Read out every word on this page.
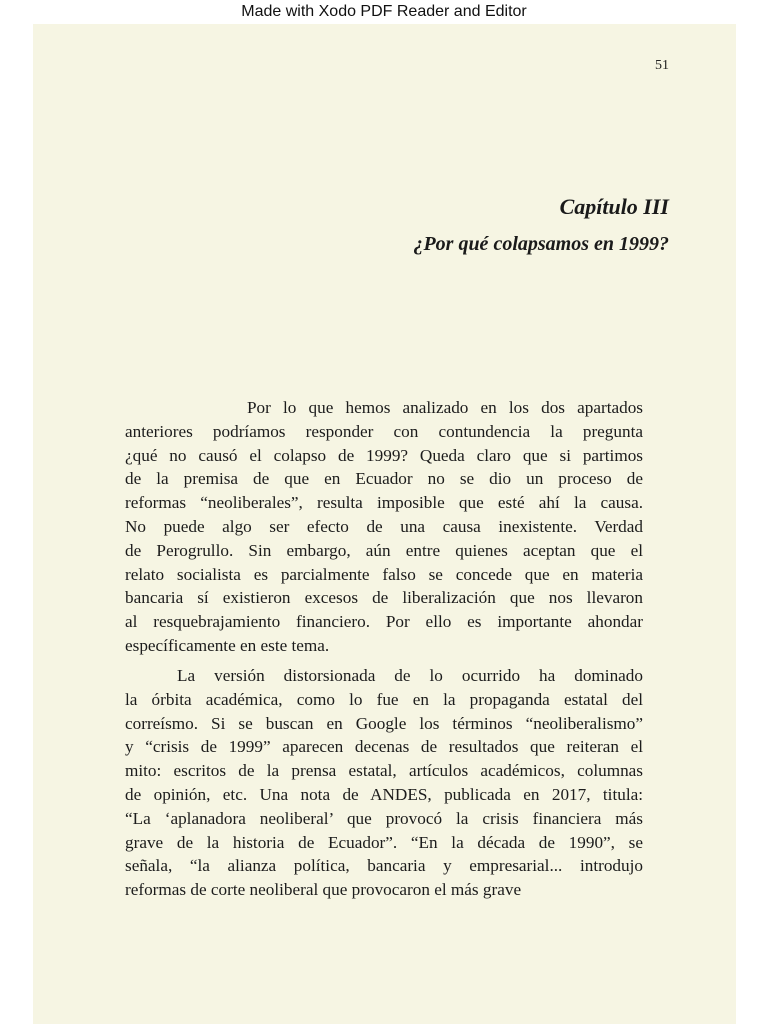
Made with Xodo PDF Reader and Editor
51
Capítulo III
¿Por qué colapsamos en 1999?
Por lo que hemos analizado en los dos apartados
anteriores podríamos responder con contundencia la pregunta
¿qué no causó el colapso de 1999? Queda claro que si partimos
de la premisa de que en Ecuador no se dio un proceso de
reformas “neoliberales”, resulta imposible que esté ahí la causa.
No puede algo ser efecto de una causa inexistente. Verdad
de Perogrullo. Sin embargo, aún entre quienes aceptan que el
relato socialista es parcialmente falso se concede que en materia
bancaria sí existieron excesos de liberalización que nos llevaron
al resquebrajamiento financiero. Por ello es importante ahondar
específicamente en este tema.
La versión distorsionada de lo ocurrido ha dominado
la órbita académica, como lo fue en la propaganda estatal del
correísmo. Si se buscan en Google los términos “neoliberalismo”
y “crisis de 1999” aparecen decenas de resultados que reiteran el
mito: escritos de la prensa estatal, artículos académicos, columnas
de opinión, etc. Una nota de ANDES, publicada en 2017, titula:
“La ‘aplanadora neoliberal’ que provocó la crisis financiera más
grave de la historia de Ecuador”. “En la década de 1990”, se
señala, “la alianza política, bancaria y empresarial... introdujo
reformas de corte neoliberal que provocaron el más grave
